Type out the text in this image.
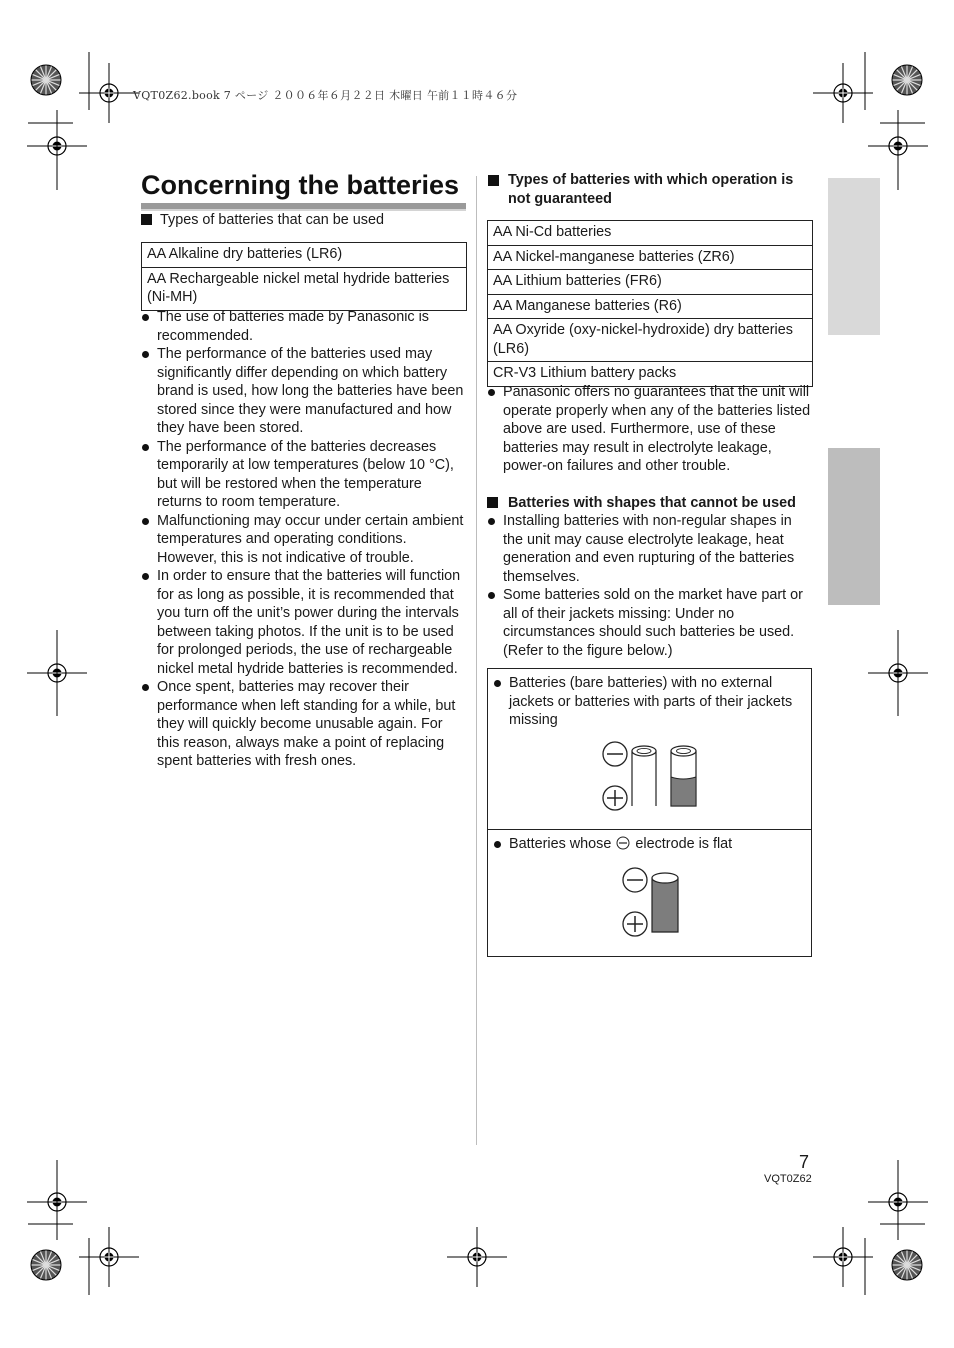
VQT0Z62.book 7 ページ ２００６年６月２２日 木曜日 午前１１時４６分
Concerning the batteries
Types of batteries that can be used
AA Alkaline dry batteries (LR6)
AA Rechargeable nickel metal hydride batteries (Ni-MH)
The use of batteries made by Panasonic is recommended.
The performance of the batteries used may significantly differ depending on which battery brand is used, how long the batteries have been stored since they were manufactured and how they have been stored.
The performance of the batteries decreases temporarily at low temperatures (below 10 °C), but will be restored when the temperature returns to room temperature.
Malfunctioning may occur under certain ambient temperatures and operating conditions. However, this is not indicative of trouble.
In order to ensure that the batteries will function for as long as possible, it is recommended that you turn off the unit’s power during the intervals between taking photos. If the unit is to be used for prolonged periods, the use of rechargeable nickel metal hydride batteries is recommended.
Once spent, batteries may recover their performance when left standing for a while, but they will quickly become unusable again. For this reason, always make a point of replacing spent batteries with fresh ones.
Types of batteries with which operation is not guaranteed
AA Ni-Cd batteries
AA Nickel-manganese batteries (ZR6)
AA Lithium batteries (FR6)
AA Manganese batteries (R6)
AA Oxyride (oxy-nickel-hydroxide) dry batteries (LR6)
CR-V3 Lithium battery packs
Panasonic offers no guarantees that the unit will operate properly when any of the batteries listed above are used. Furthermore, use of these batteries may result in electrolyte leakage, power-on failures and other trouble.
Batteries with shapes that cannot be used
Installing batteries with non-regular shapes in the unit may cause electrolyte leakage, heat generation and even rupturing of the batteries themselves.
Some batteries sold on the market have part or all of their jackets missing: Under no circumstances should such batteries be used. (Refer to the figure below.)
Batteries (bare batteries) with no external jackets or batteries with parts of their jackets missing
Batteries whose electrode is flat
7
VQT0Z62
